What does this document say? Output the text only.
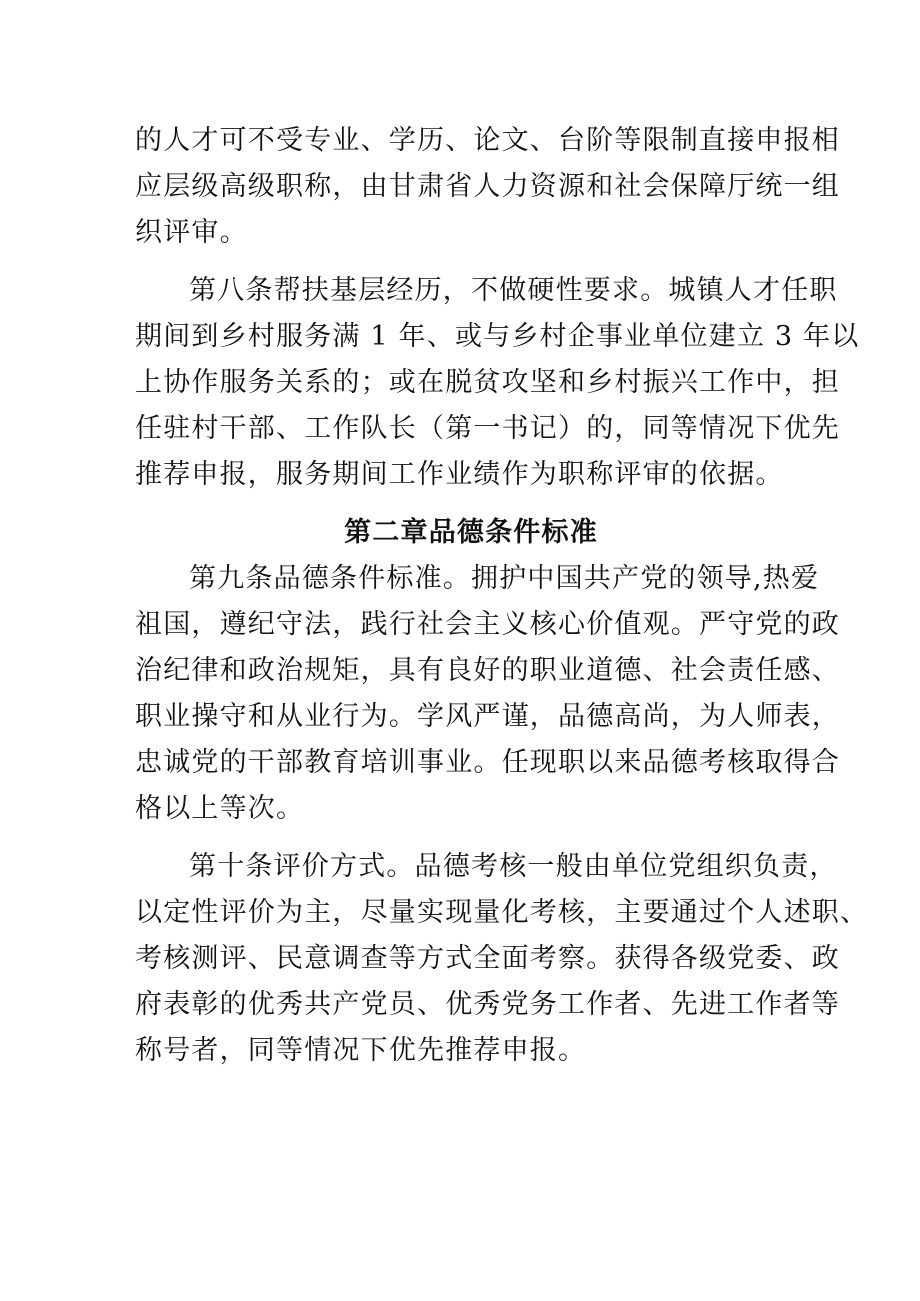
的人才可不受专业、学历、论文、台阶等限制直接申报相
应层级高级职称，由甘肃省人力资源和社会保障厅统一组
织评审。

第八条帮扶基层经历，不做硬性要求。城镇人才任职
期间到乡村服务满 1 年、或与乡村企事业单位建立 3 年以
上协作服务关系的；或在脱贫攻坚和乡村振兴工作中，担
任驻村干部、工作队长（第一书记）的，同等情况下优先
推荐申报，服务期间工作业绩作为职称评审的依据。

第二章品德条件标准

第九条品德条件标准。拥护中国共产党的领导,热爱
祖国，遵纪守法，践行社会主义核心价值观。严守党的政
治纪律和政治规矩，具有良好的职业道德、社会责任感、
职业操守和从业行为。学风严谨，品德高尚，为人师表，
忠诚党的干部教育培训事业。任现职以来品德考核取得合
格以上等次。

第十条评价方式。品德考核一般由单位党组织负责，
以定性评价为主，尽量实现量化考核，主要通过个人述职、
考核测评、民意调查等方式全面考察。获得各级党委、政
府表彰的优秀共产党员、优秀党务工作者、先进工作者等
称号者，同等情况下优先推荐申报。
